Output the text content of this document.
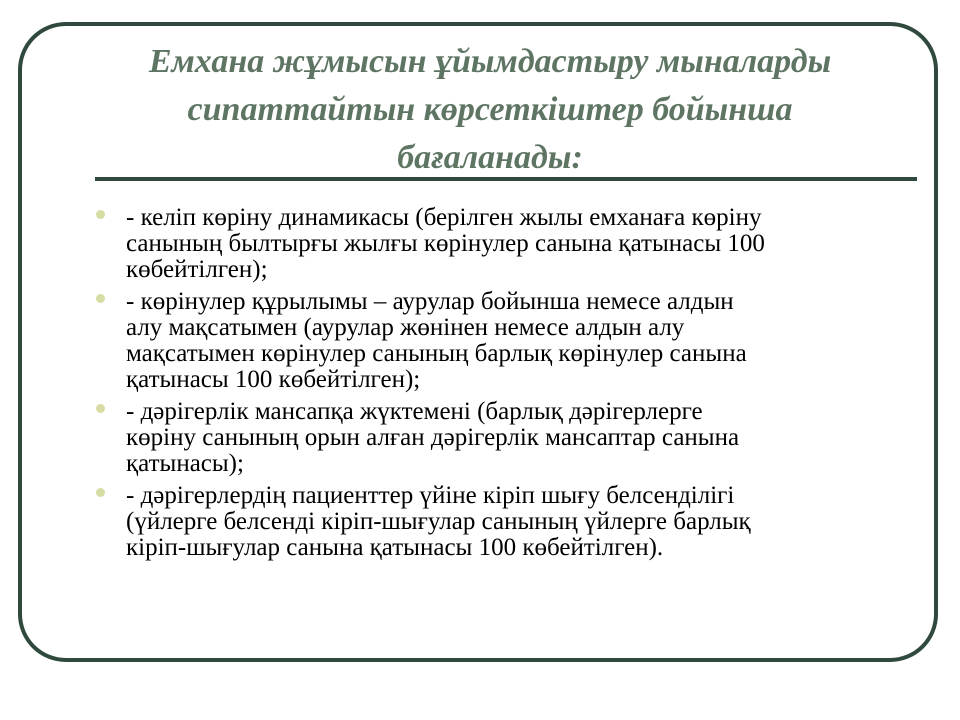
Емхана жұмысын ұйымдастыру мыналарды
сипаттайтын көрсеткіштер бойынша
бағаланады:
- келіп көріну динамикасы (берілген жылы емханаға көріну
санының былтырғы жылғы көрінулер санына қатынасы 100
көбейтілген);
- көрінулер құрылымы – аурулар бойынша немесе алдын
алу мақсатымен (аурулар жөнінен немесе алдын алу
мақсатымен көрінулер санының барлық көрінулер санына
қатынасы 100 көбейтілген);
- дәрігерлік мансапқа жүктемені (барлық дәрігерлерге
көріну санының орын алған дәрігерлік мансаптар санына
қатынасы);
- дәрігерлердің пациенттер үйіне кіріп шығу белсенділігі
(үйлерге белсенді кіріп-шығулар санының үйлерге барлық
кіріп-шығулар санына қатынасы 100 көбейтілген).
